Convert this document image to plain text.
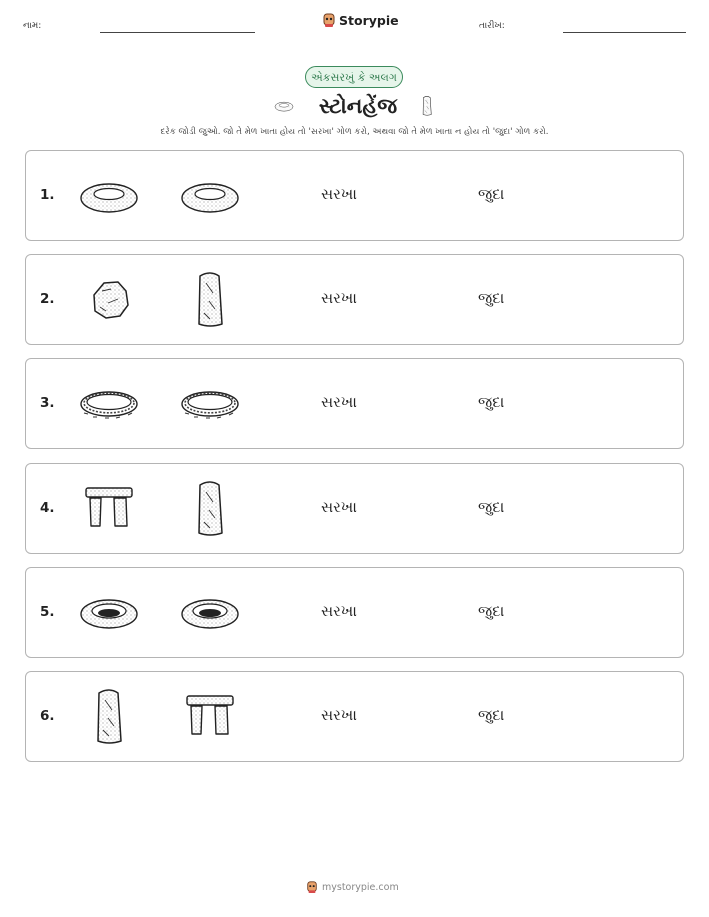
નામ:	Storypie	તારીખ:
એકસરખું કે અલગ
સ્ટોનહેંજ
દરેક જોડી જુઓ. જો તે મેળ ખાતા હોય તો 'સરખા' ગોળ કરો, અથવા જો તે મેળ ખાતા ન હોય તો 'જુદા' ગોળ કરો.
1.	સરખા	જુદા
2.	સરખા	જુદા
3.	સરખા	જુદા
4.	સરખા	જુદા
5.	સરખા	જુદા
6.	સરખા	જુદા
mystorypie.com
